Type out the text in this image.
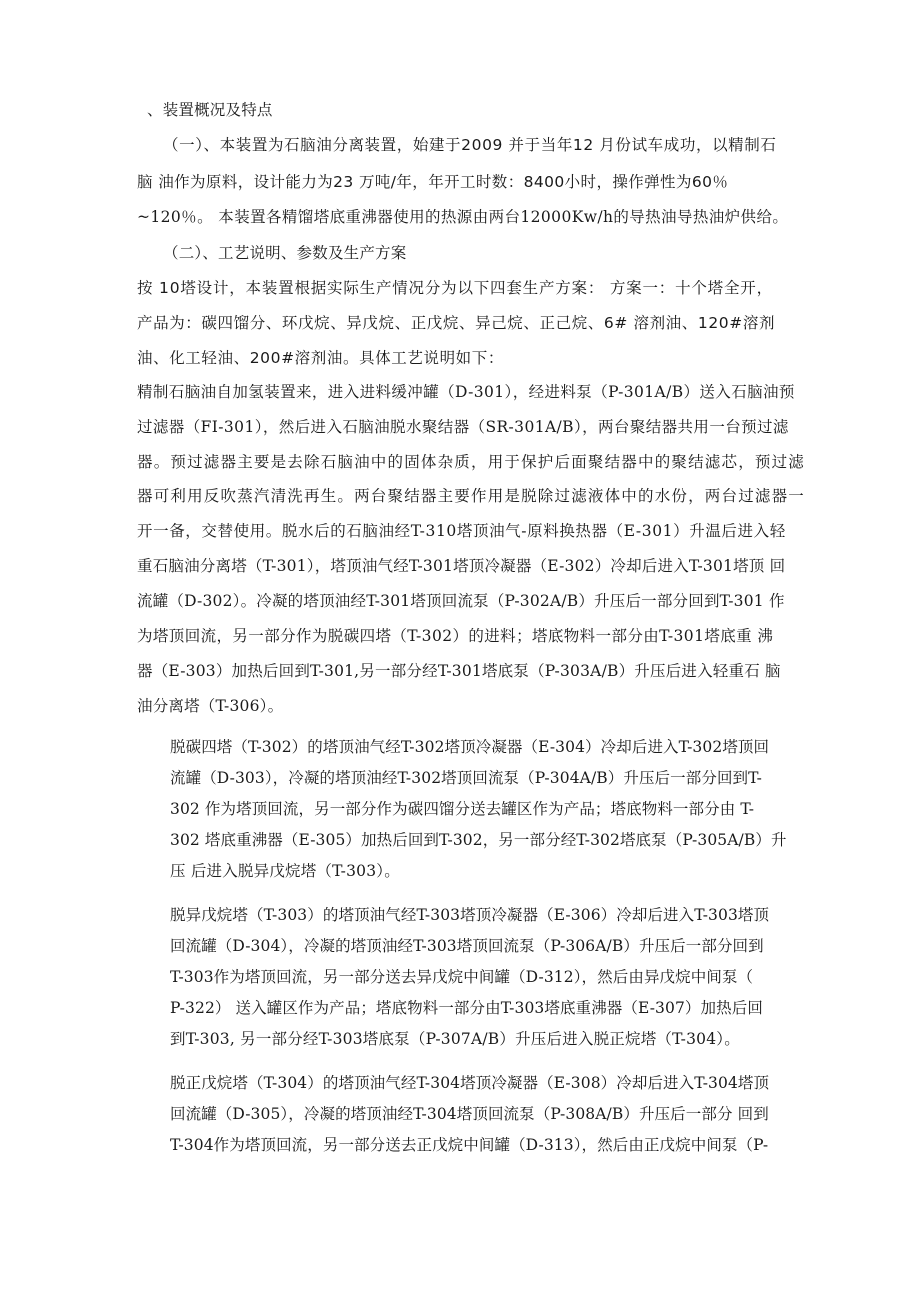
、装置概况及特点
（一）、本装置为石脑油分离装置，始建于2009 并于当年12 月份试车成功，以精制石
脑 油作为原料，设计能力为23 万吨/年，年开工时数：8400小时，操作弹性为60％
~120％。 本装置各精馏塔底重沸器使用的热源由两台12000Kw/h的导热油导热油炉供给。
（二）、工艺说明、参数及生产方案
按 10塔设计，本装置根据实际生产情况分为以下四套生产方案： 方案一：十个塔全开，
产品为：碳四馏分、环戊烷、异戊烷、正戊烷、异己烷、正己烷、6# 溶剂油、120#溶剂
油、化工轻油、200#溶剂油。具体工艺说明如下：
精制石脑油自加氢装置来，进入进料缓冲罐（D-301），经进料泵（P-301A/B）送入石脑油预
过滤器（FI-301），然后进入石脑油脱水聚结器（SR-301A/B），两台聚结器共用一台预过滤
器。预过滤器主要是去除石脑油中的固体杂质，用于保护后面聚结器中的聚结滤芯，预过滤
器可利用反吹蒸汽清洗再生。两台聚结器主要作用是脱除过滤液体中的水份，两台过滤器一
开一备，交替使用。脱水后的石脑油经T-310塔顶油气-原料换热器（E-301）升温后进入轻
重石脑油分离塔（T-301），塔顶油气经T-301塔顶冷凝器（E-302）冷却后进入T-301塔顶 回
流罐（D-302）。冷凝的塔顶油经T-301塔顶回流泵（P-302A/B）升压后一部分回到T-301 作
为塔顶回流，另一部分作为脱碳四塔（T-302）的进料；塔底物料一部分由T-301塔底重 沸
器（E-303）加热后回到T-301,另一部分经T-301塔底泵（P-303A/B）升压后进入轻重石 脑
油分离塔（T-306）。
脱碳四塔（T-302）的塔顶油气经T-302塔顶冷凝器（E-304）冷却后进入T-302塔顶回
流罐（D-303），冷凝的塔顶油经T-302塔顶回流泵（P-304A/B）升压后一部分回到T-
302 作为塔顶回流，另一部分作为碳四馏分送去罐区作为产品；塔底物料一部分由 T-
302 塔底重沸器（E-305）加热后回到T-302，另一部分经T-302塔底泵（P-305A/B）升
压 后进入脱异戊烷塔（T-303）。
脱异戊烷塔（T-303）的塔顶油气经T-303塔顶冷凝器（E-306）冷却后进入T-303塔顶
回流罐（D-304），冷凝的塔顶油经T-303塔顶回流泵（P-306A/B）升压后一部分回到
T-303作为塔顶回流，另一部分送去异戊烷中间罐（D-312），然后由异戊烷中间泵（
P-322） 送入罐区作为产品；塔底物料一部分由T-303塔底重沸器（E-307）加热后回
到T-303, 另一部分经T-303塔底泵（P-307A/B）升压后进入脱正烷塔（T-304）。
脱正戊烷塔（T-304）的塔顶油气经T-304塔顶冷凝器（E-308）冷却后进入T-304塔顶
回流罐（D-305），冷凝的塔顶油经T-304塔顶回流泵（P-308A/B）升压后一部分 回到
T-304作为塔顶回流，另一部分送去正戊烷中间罐（D-313），然后由正戊烷中间泵（P-
